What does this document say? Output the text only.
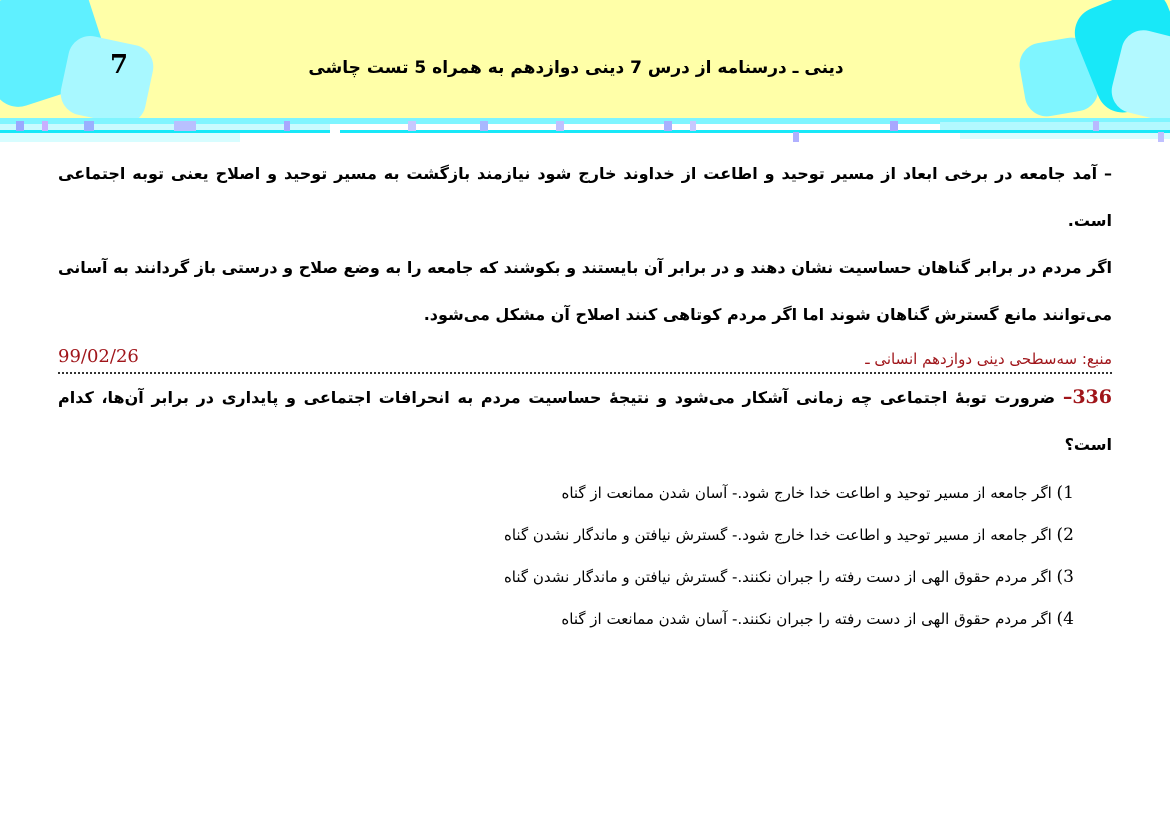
7	دینی ـ درسنامه از درس 7 دینی دوازدهم به همراه 5 تست چاشی

– آمد جامعه در برخی ابعاد از مسیر توحید و اطاعت از خداوند خارج شود نیازمند بازگشت به مسیر توحید و اصلاح یعنی توبه اجتماعی است.

اگر مردم در برابر گناهان حساسیت نشان دهند و در برابر آن بایستند و بکوشند که جامعه را به وضع صلاح و درستی باز گردانند به آسانی می‌توانند مانع گسترش گناهان شوند اما اگر مردم کوتاهی کنند اصلاح آن مشکل می‌شود.

منبع: سه‌سطحی دینی دوازدهم انسانی ـ
99/02/26

336– ضرورت توبهٔ اجتماعی چه زمانی آشکار می‌شود و نتیجهٔ حساسیت مردم به انحرافات اجتماعی و پایداری در برابر آن‌ها، کدام است؟

1) اگر جامعه از مسیر توحید و اطاعت خدا خارج شود.- آسان شدن ممانعت از گناه
2) اگر جامعه از مسیر توحید و اطاعت خدا خارج شود.- گسترش نیافتن و ماندگار نشدن گناه
3) اگر مردم حقوق الهی از دست رفته را جبران نکنند.- گسترش نیافتن و ماندگار نشدن گناه
4) اگر مردم حقوق الهی از دست رفته را جبران نکنند.- آسان شدن ممانعت از گناه
